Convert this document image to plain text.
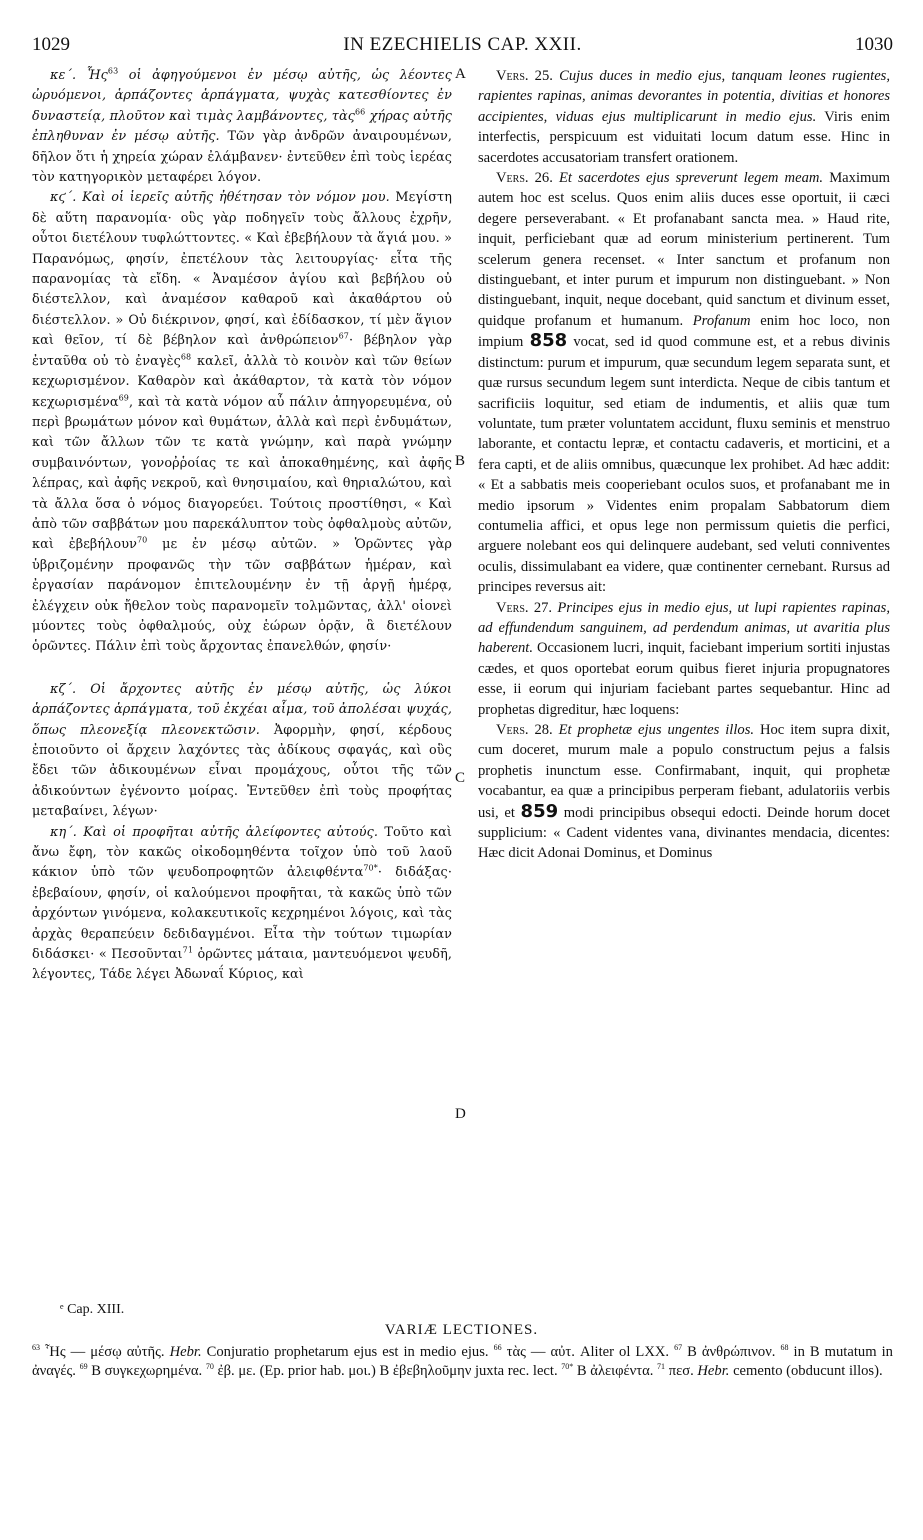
1029	IN EZECHIELIS CAP. XXII.	1030
A
B
C
D

κε΄. Ἧς$^{63}$ οἱ ἀφηγούμενοι ἐν μέσῳ αὐτῆς, ὡς λέοντες ὠρυόμενοι, ἁρπάζοντες ἁρπάγματα, ψυχὰς κατεσθίοντες ἐν δυναστείᾳ, πλοῦτον καὶ τιμὰς λαμβάνοντες, τὰς$^{66}$ χήρας αὐτῆς ἐπληθυναν ἐν μέσῳ αὐτῆς. Τῶν γὰρ ἀνδρῶν ἀναιρουμένων, δῆλον ὅτι ἡ χηρεία χώραν ἐλάμβανεν· ἐντεῦθεν ἐπὶ τοὺς ἱερέας τὸν κατηγορικὸν μεταφέρει λόγον.

κϛ΄. Καὶ οἱ ἱερεῖς αὐτῆς ἠθέτησαν τὸν νόμον μου. Μεγίστη δὲ αὕτη παρανομία· οὓς γὰρ ποδηγεῖν τοὺς ἄλλους ἐχρῆν, οὗτοι διετέλουν τυφλώττοντες. « Καὶ ἐβεβήλουν τὰ ἅγιά μου. » Παρανόμως, φησίν, ἐπετέλουν τὰς λειτουργίας· εἶτα τῆς παρανομίας τὰ εἴδη. « Ἀναμέσον ἁγίου καὶ βεβήλου οὐ διέστελλον, καὶ ἀναμέσον καθαροῦ καὶ ἀκαθάρτου οὐ διέστελλον. » Οὐ διέκρινον, φησί, καὶ ἐδίδασκον, τί μὲν ἅγιον καὶ θεῖον, τί δὲ βέβηλον καὶ ἀνθρώπειον$^{67}$· βέβηλον γὰρ ἐνταῦθα οὐ τὸ ἐναγὲς$^{68}$ καλεῖ, ἀλλὰ τὸ κοινὸν καὶ τῶν θείων κεχωρισμένον. Καθαρὸν καὶ ἀκάθαρτον, τὰ κατὰ τὸν νόμον κεχωρισμένα$^{69}$, καὶ τὰ κατὰ νόμον αὖ πάλιν ἀπηγορευμένα, οὐ περὶ βρωμάτων μόνον καὶ θυμάτων, ἀλλὰ καὶ περὶ ἐνδυμάτων, καὶ τῶν ἄλλων τῶν τε κατὰ γνώμην, καὶ παρὰ γνώμην συμβαινόντων, γονοῤῥοίας τε καὶ ἀποκαθημένης, καὶ ἀφῆς λέπρας, καὶ ἀφῆς νεκροῦ, καὶ θνησιμαίου, καὶ θηριαλώτου, καὶ τὰ ἄλλα ὅσα ὁ νόμος διαγορεύει. Τούτοις προστίθησι, « Καὶ ἀπὸ τῶν σαββάτων μου παρεκάλυπτον τοὺς ὀφθαλμοὺς αὐτῶν, καὶ ἐβεβήλουν$^{70}$ με ἐν μέσῳ αὐτῶν. » Ὁρῶντες γὰρ ὑβριζομένην προφανῶς τὴν τῶν σαββάτων ἡμέραν, καὶ ἐργασίαν παράνομον ἐπιτελουμένην ἐν τῇ ἀργῇ ἡμέρᾳ, ἐλέγχειν οὐκ ἤθελον τοὺς παρανομεῖν τολμῶντας, ἀλλ' οἱονεὶ μύοντες τοὺς ὀφθαλμούς, οὐχ ἑώρων ὁρᾷν, ἃ διετέλουν ὁρῶντες. Πάλιν ἐπὶ τοὺς ἄρχοντας ἐπανελθών, φησίν·

κζ΄. Οἱ ἄρχοντες αὐτῆς ἐν μέσῳ αὐτῆς, ὡς λύκοι ἁρπάζοντες ἁρπάγματα, τοῦ ἐκχέαι αἷμα, τοῦ ἀπολέσαι ψυχάς, ὅπως πλεονεξίᾳ πλεονεκτῶσιν. Ἀφορμὴν, φησί, κέρδους ἐποιοῦντο οἱ ἄρχειν λαχόντες τὰς ἀδίκους σφαγάς, καὶ οὓς ἔδει τῶν ἀδικουμένων εἶναι προμάχους, οὗτοι τῆς τῶν ἀδικούντων ἐγένοντο μοίρας. Ἐντεῦθεν ἐπὶ τοὺς προφήτας μεταβαίνει, λέγων·

κη΄. Καὶ οἱ προφῆται αὐτῆς ἀλείφοντες αὐτούς. Τοῦτο καὶ ἄνω ἔφη, τὸν κακῶς οἰκοδομηθέντα τοῖχον ὑπὸ τοῦ λαοῦ κάκιον ὑπὸ τῶν ψευδοπροφητῶν ἀλειφθέντα$^{70*}$· διδάξας· ἐβεβαίουν, φησίν, οἱ καλούμενοι προφῆται, τὰ κακῶς ὑπὸ τῶν ἀρχόντων γινόμενα, κολακευτικοῖς κεχρημένοι λόγοις, καὶ τὰς ἀρχὰς θεραπεύειν δεδιδαγμένοι. Εἶτα τὴν τούτων τιμωρίαν διδάσκει· « Πεσοῦνται$^{71}$ ὁρῶντες μάταια, μαντευόμενοι ψευδῆ, λέγοντες, Τάδε λέγει Ἀδωναΐ Κύριος, καὶ

Vers. 25. Cujus duces in medio ejus, tanquam leones rugientes, rapientes rapinas, animas devorantes in potentia, divitias et honores accipientes, viduas ejus multiplicarunt in medio ejus. Viris enim interfectis, perspicuum est viduitati locum datum esse. Hinc in sacerdotes accusatoriam transfert orationem.

Vers. 26. Et sacerdotes ejus spreverunt legem meam. Maximum autem hoc est scelus. Quos enim aliis duces esse oportuit, ii cæci degere perseverabant. « Et profanabant sancta mea. » Haud rite, inquit, perficiebant quæ ad eorum ministerium pertinerent. Tum scelerum genera recenset. « Inter sanctum et profanum non distinguebant, et inter purum et impurum non distinguebant. » Non distinguebant, inquit, neque docebant, quid sanctum et divinum esset, quidque profanum et humanum. Profanum enim hoc loco, non impium 858 vocat, sed id quod commune est, et a rebus divinis distinctum: purum et impurum, quæ secundum legem separata sunt, et quæ rursus secundum legem sunt interdicta. Neque de cibis tantum et sacrificiis loquitur, sed etiam de indumentis, et aliis quæ tum voluntate, tum præter voluntatem accidunt, fluxu seminis et menstruo laborante, et contactu lepræ, et contactu cadaveris, et morticini, et a fera capti, et de aliis omnibus, quæcunque lex prohibet. Ad hæc addit: « Et a sabbatis meis cooperiebant oculos suos, et profanabant me in medio ipsorum » Videntes enim propalam Sabbatorum diem contumelia affici, et opus lege non permissum quietis die perfici, arguere nolebant eos qui delinquere audebant, sed veluti conniventes oculis, dissimulabant ea videre, quæ continenter cernebant. Rursus ad principes reversus ait:

Vers. 27. Principes ejus in medio ejus, ut lupi rapientes rapinas, ad effundendum sanguinem, ad perdendum animas, ut avaritia plus haberent. Occasionem lucri, inquit, faciebant imperium sortiti injustas cædes, et quos oportebat eorum quibus fieret injuria propugnatores esse, ii eorum qui injuriam faciebant partes sequebantur. Hinc ad prophetas digreditur, hæc loquens:

Vers. 28. Et prophetæ ejus ungentes illos. Hoc item supra dixit, cum doceret, murum male a populo constructum pejus a falsis prophetis inunctum esse. Confirmabant, inquit, qui prophetæ vocabantur, ea quæ a principibus perperam fiebant, adulatoriis verbis usi, et 859 modi principibus obsequi edocti. Deinde horum docet supplicium: « Cadent videntes vana, divinantes mendacia, dicentes: Hæc dicit Adonai Dominus, et Dominus

ᵉ Cap. XIII.
VARIÆ LECTIONES.
$^{63}$ Ἧς — μέσῳ αὐτῆς. Hebr. Conjuratio prophetarum ejus est in medio ejus. $^{66}$ τὰς — αὐτ. Aliter ol LXX. $^{67}$ B ἀνθρώπινον. $^{68}$ in B mutatum in ἀναγές. $^{69}$ B συγκεχωρημένα. $^{70}$ ἐβ. με. (Ep. prior hab. μοι.) B ἐβεβηλοῦμην juxta rec. lect. $^{70*}$ B ἀλειφέντα. $^{71}$ πεσ. Hebr. cemento (obducunt illos).
